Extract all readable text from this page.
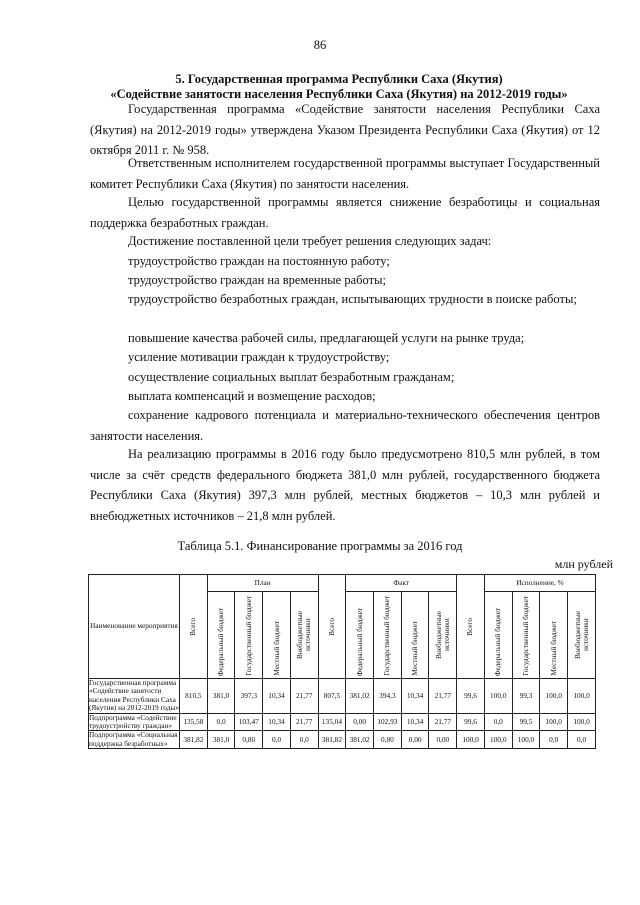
86
5. Государственная программа Республики Саха (Якутия)
«Содействие занятости населения Республики Саха (Якутия) на 2012-2019 годы»
Государственная программа «Содействие занятости населения Республики Саха (Якутия) на 2012-2019 годы» утверждена Указом Президента Республики Саха (Якутия) от 12 октября 2011 г. № 958.
Ответственным исполнителем государственной программы выступает Государственный комитет Республики Саха (Якутия) по занятости населения.
Целью государственной программы является снижение безработицы и социальная поддержка безработных граждан.
Достижение поставленной цели требует решения следующих задач:
трудоустройство граждан на постоянную работу;
трудоустройство граждан на временные работы;
трудоустройство безработных граждан, испытывающих трудности в поиске работы;
повышение качества рабочей силы, предлагающей услуги на рынке труда;
усиление мотивации граждан к трудоустройству;
осуществление социальных выплат безработным гражданам;
выплата компенсаций и возмещение расходов;
сохранение кадрового потенциала и материально-технического обеспечения центров занятости населения.
На реализацию программы в 2016 году было предусмотрено 810,5 млн рублей, в том числе за счёт средств федерального бюджета 381,0 млн рублей, государственного бюджета Республики Саха (Якутия) 397,3 млн рублей, местных бюджетов – 10,3 млн рублей и внебюджетных источников – 21,8 млн рублей.
Таблица 5.1. Финансирование программы за 2016 год
млн рублей
Наименование мероприятия	Всего	План				Всего	Факт				Всего	Исполнение, %			

		Федеральный бюджет	Государственный бюджет	Местный бюджет	Внебюджетные источники		Федеральный бюджет	Государственный бюджет	Местный бюджет	Внебюджетные источники		Федеральный бюджет	Государственный бюджет	Местный бюджет	Внебюджетные источники

Государственная программа «Содействие занятости населения Республики Саха (Якутия) на 2012-2019 годы»	810,5	381,0	397,3	10,34	21,77	807,5	381,02	394,3	10,34	21,77	99,6	100,0	99,3	100,0	100,0
Подпрограмма «Содействие трудоустройству граждан»	135,58	0,0	103,47	10,34	21,77	135,04	0,00	102,93	10,34	21,77	99,6	0,0	99,5	100,0	100,0
Подпрограмма «Социальная поддержка безработных»	381,82	381,0	0,80	0,0	0,0	381,82	381,02	0,80	0,00	0,00	100,0	100,0	100,0	0,0	0,0
